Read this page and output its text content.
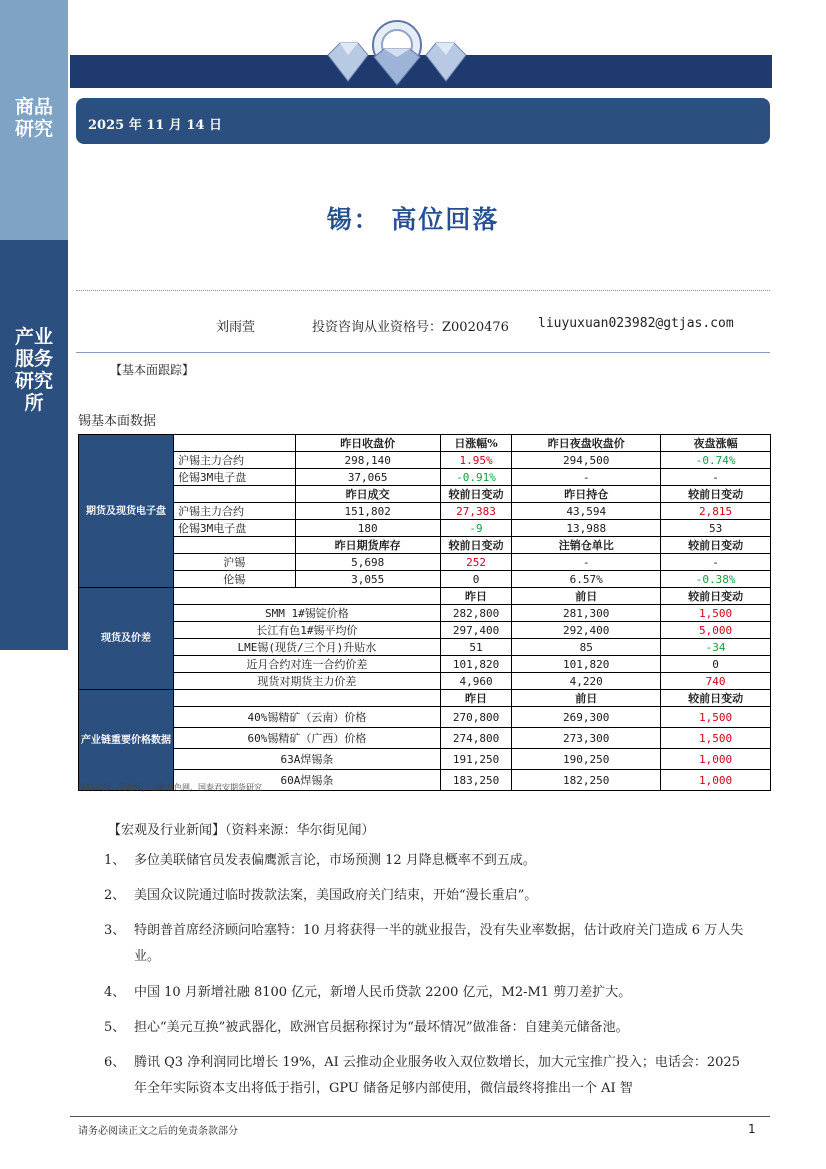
商品研究
产业服务研究所
2025 年 11 月 14 日
锡： 高位回落
刘雨萱	投资咨询从业资格号：Z0020476 liuyuxuan023982@gtjas.com
【基本面跟踪】
锡基本面数据
期货及现货电子盘		昨日收盘价	日涨幅%	昨日夜盘收盘价	夜盘涨幅
	沪锡主力合约	298,140	1.95%	294,500	-0.74%
	伦锡3M电子盘	37,065	-0.91%	-	-
		昨日成交	较前日变动	昨日持仓	较前日变动
	沪锡主力合约	151,802	27,383	43,594	2,815
	伦锡3M电子盘	180	-9	13,988	53
		昨日期货库存	较前日变动	注销仓单比	较前日变动
	沪锡	5,698	252	-	-
	伦锡	3,055	0	6.57%	-0.38%
现货及价差			昨日	前日	较前日变动
	SMM 1#锡锭价格		282,800	281,300	1,500
	长江有色1#锡平均价		297,400	292,400	5,000
	LME锡(现货/三个月)升贴水		51	85	-34
	近月合约对连一合约价差		101,820	101,820	0
	现货对期货主力价差		4,960	4,220	740
产业链重要价格数据			昨日	前日	较前日变动
	40%锡精矿（云南）价格		270,800	269,300	1,500
	60%锡精矿（广西）价格		274,800	273,300	1,500
	63A焊锡条		191,250	190,250	1,000
	60A焊锡条		183,250	182,250	1,000
资料来源：同花顺，上海有色网，国泰君安期货研究
【宏观及行业新闻】（资料来源：华尔街见闻）
1、 多位美联储官员发表偏鹰派言论，市场预测 12 月降息概率不到五成。
2、 美国众议院通过临时拨款法案，美国政府关门结束，开始“漫长重启”。
3、 特朗普首席经济顾问哈塞特：10 月将获得一半的就业报告，没有失业率数据，估计政府关门造成 6 万人失业。
4、 中国 10 月新增社融 8100 亿元，新增人民币贷款 2200 亿元，M2-M1 剪刀差扩大。
5、 担心“美元互换”被武器化，欧洲官员据称探讨为“最坏情况”做准备：自建美元储备池。
6、 腾讯 Q3 净利润同比增长 19%，AI 云推动企业服务收入双位数增长，加大元宝推广投入；电话会：2025 年全年实际资本支出将低于指引，GPU 储备足够内部使用，微信最终将推出一个 AI 智
请务必阅读正文之后的免责条款部分	1
